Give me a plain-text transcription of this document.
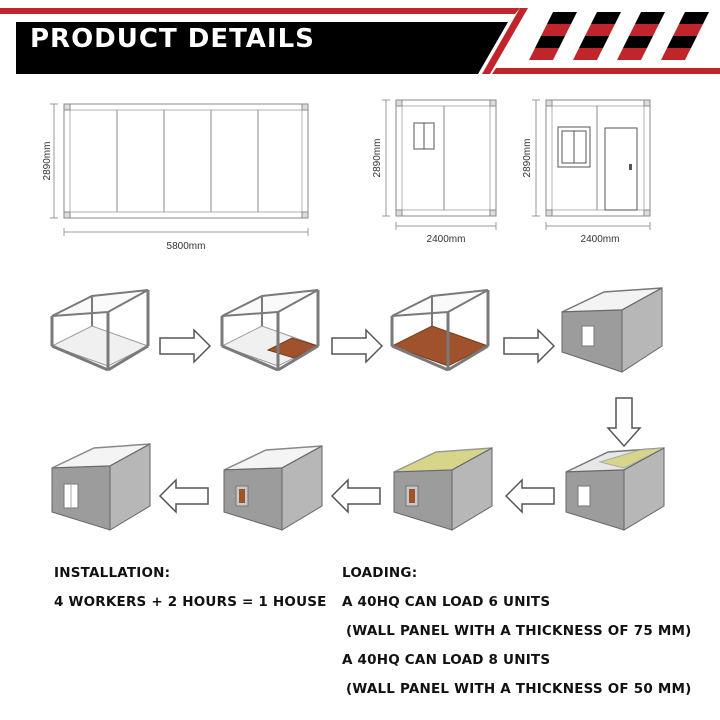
PRODUCT DETAILS
2890mm
5800mm
2890mm
2400mm
2890mm
2400mm
INSTALLATION:
4 WORKERS + 2 HOURS = 1 HOUSE
LOADING:
A 40HQ CAN LOAD 6 UNITS
(WALL PANEL WITH A THICKNESS OF 75 MM)
A 40HQ CAN LOAD 8 UNITS
(WALL PANEL WITH A THICKNESS OF 50 MM)
